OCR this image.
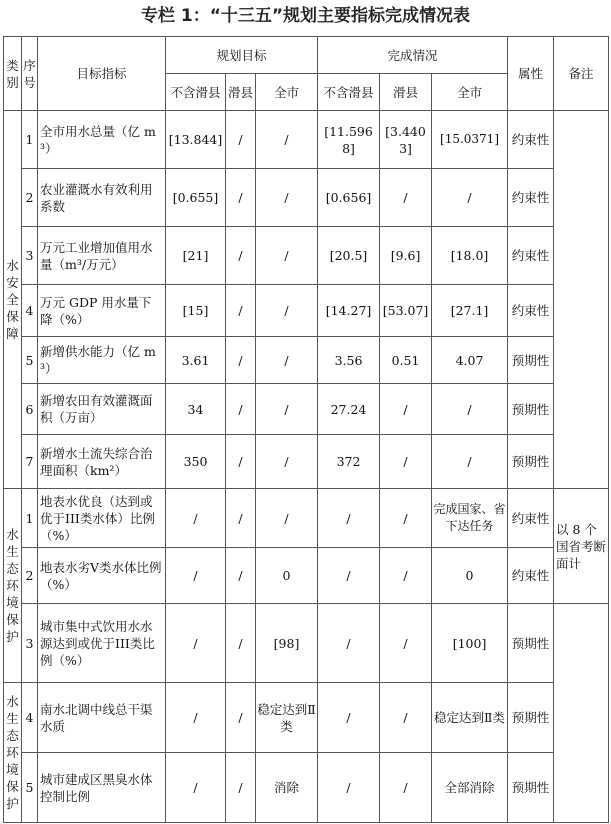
专栏 1：“十三五”规划主要指标完成情况表
类别	序号	目标指标	规划目标			完成情况			属性	备注
			不含滑县	滑县	全市	不含滑县	滑县	全市		
水安全保障	1	全市用水总量（亿 m³）	[13.844]	/	/	[11.5968]	[3.4403]	[15.0371]	约束性	
	2	农业灌溉水有效利用系数	[0.655]	/	/	[0.656]	/	/	约束性	
	3	万元工业增加值用水量（m³/万元）	[21]	/	/	[20.5]	[9.6]	[18.0]	约束性	
	4	万元 GDP 用水量下降（%）	[15]	/	/	[14.27]	[53.07]	[27.1]	约束性	
	5	新增供水能力（亿 m³）	3.61	/	/	3.56	0.51	4.07	预期性	
	6	新增农田有效灌溉面积（万亩）	34	/	/	27.24	/	/	预期性	
	7	新增水土流失综合治理面积（km²）	350	/	/	372	/	/	预期性	
水生态环境保护	1	地表水优良（达到或优于III类水体）比例（%）	/	/	/	/	/	完成国家、省下达任务	约束性	以 8 个国省考断面计
	2	地表水劣Ⅴ类水体比例（%）	/	/	0	/	/	0	约束性	
	3	城市集中式饮用水水源达到或优于III类比例（%）	/	/	[98]	/	/	[100]	预期性	
水生态环境保护	4	南水北调中线总干渠水质	/	/	稳定达到Ⅱ类	/	/	稳定达到Ⅱ类	预期性	
	5	城市建成区黑臭水体控制比例	/	/	消除	/	/	全部消除	预期性	
